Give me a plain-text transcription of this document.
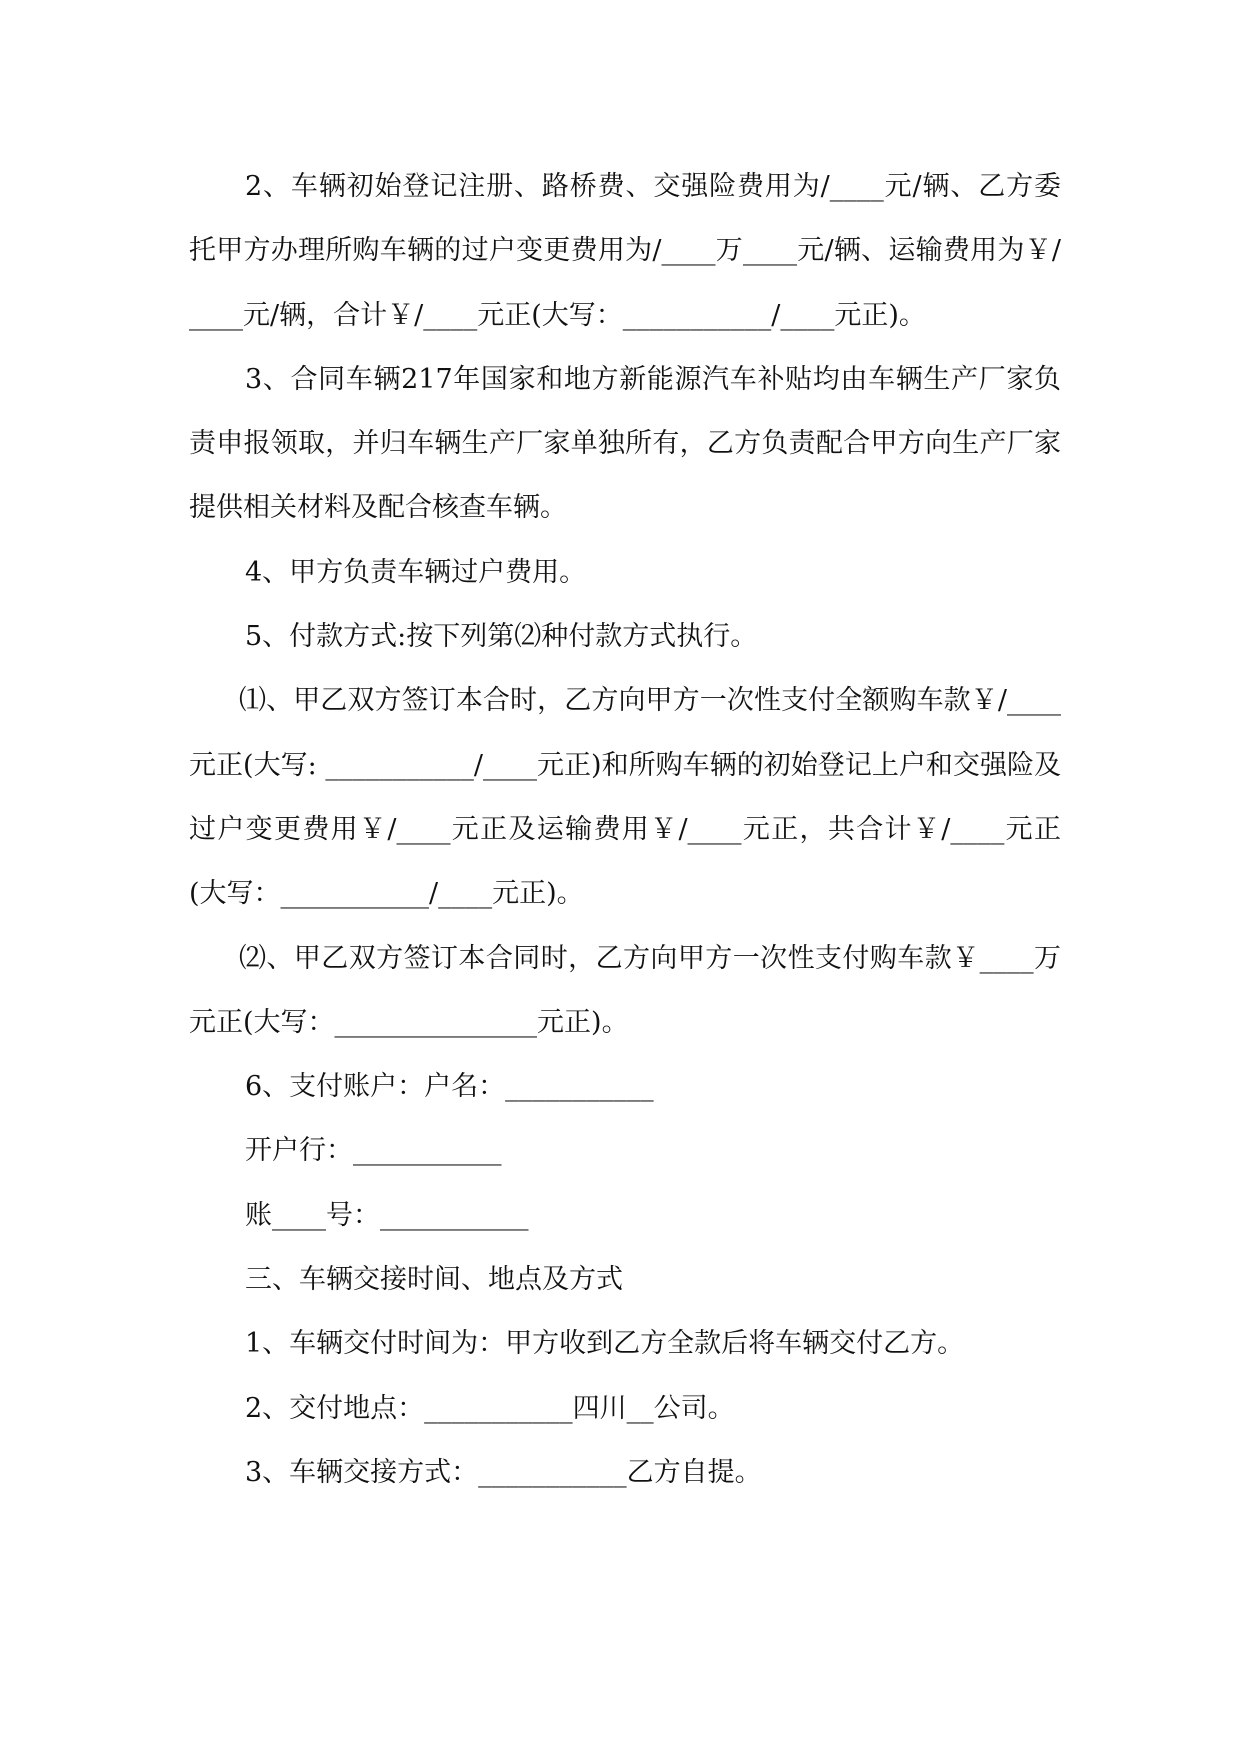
2、车辆初始登记注册、路桥费、交强险费用为/____元/辆、乙方委托甲方办理所购车辆的过户变更费用为/____万____元/辆、运输费用为￥/____元/辆，合计￥/____元正(大写：___________/____元正)。

3、合同车辆217年国家和地方新能源汽车补贴均由车辆生产厂家负责申报领取，并归车辆生产厂家单独所有，乙方负责配合甲方向生产厂家提供相关材料及配合核查车辆。

4、甲方负责车辆过户费用。

5、付款方式:按下列第⑵种付款方式执行。

⑴、甲乙双方签订本合时，乙方向甲方一次性支付全额购车款￥/____元正(大写: ___________/____元正)和所购车辆的初始登记上户和交强险及过户变更费用￥/____元正及运输费用￥/____元正，共合计￥/____元正(大写：___________/____元正)。

⑵、甲乙双方签订本合同时，乙方向甲方一次性支付购车款￥____万元正(大写：_______________元正)。

6、支付账户：户名：___________

开户行：___________

账____号：___________

三、车辆交接时间、地点及方式

1、车辆交付时间为：甲方收到乙方全款后将车辆交付乙方。

2、交付地点：___________四川__公司。

3、车辆交接方式：___________乙方自提。
